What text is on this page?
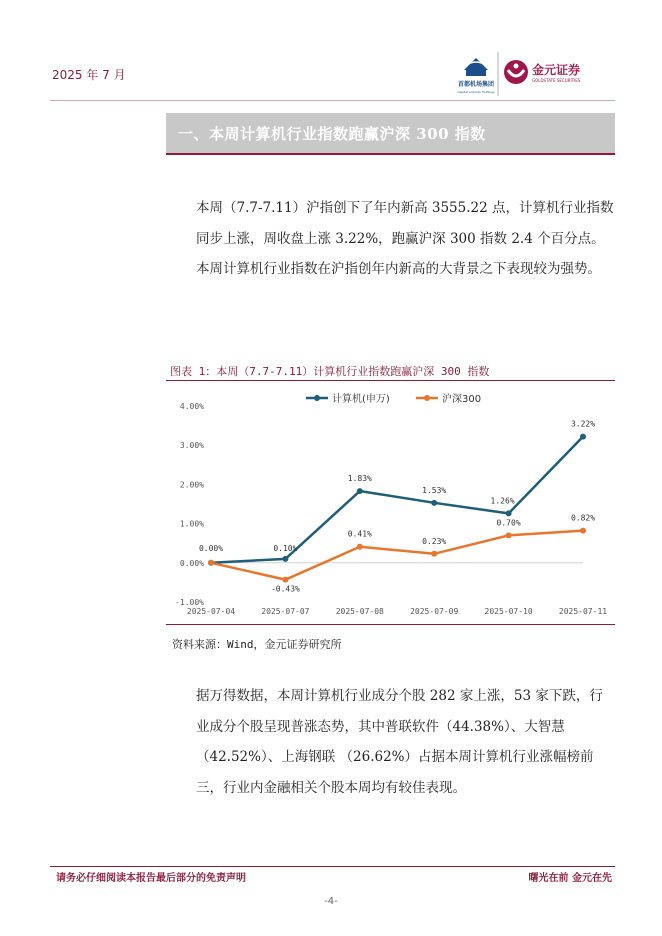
2025 年 7 月
首都机场集团
Capital Airports Holdings
金元证券
GOLDSTATE SECURITIES
一、本周计算机行业指数跑赢沪深 300 指数
本周（7.7-7.11）沪指创下了年内新高 3555.22 点，计算机行业指数同步上涨，周收盘上涨 3.22%，跑赢沪深 300 指数 2.4 个百分点。本周计算机行业指数在沪指创年内新高的大背景之下表现较为强势。
图表 1：本周（7.7-7.11）计算机行业指数跑赢沪深 300 指数
4.00%
3.00%
2.00%
1.00%
0.00%
-1.00%
2025-07-04	2025-07-07	2025-07-08	2025-07-09	2025-07-10	2025-07-11
0.00%	0.10%
1.83%
1.53%
1.26%
3.22%
-0.43%
0.41%
0.23%
0.70%
0.82%
计算机(申万)	沪深300
资料来源：Wind，金元证券研究所
据万得数据，本周计算机行业成分个股 282 家上涨，53 家下跌，行业成分个股呈现普涨态势，其中普联软件（44.38%）、大智慧（42.52%）、上海钢联 （26.62%）占据本周计算机行业涨幅榜前三，行业内金融相关个股本周均有较佳表现。
请务必仔细阅读本报告最后部分的免责声明	曙光在前 金元在先
-4-
